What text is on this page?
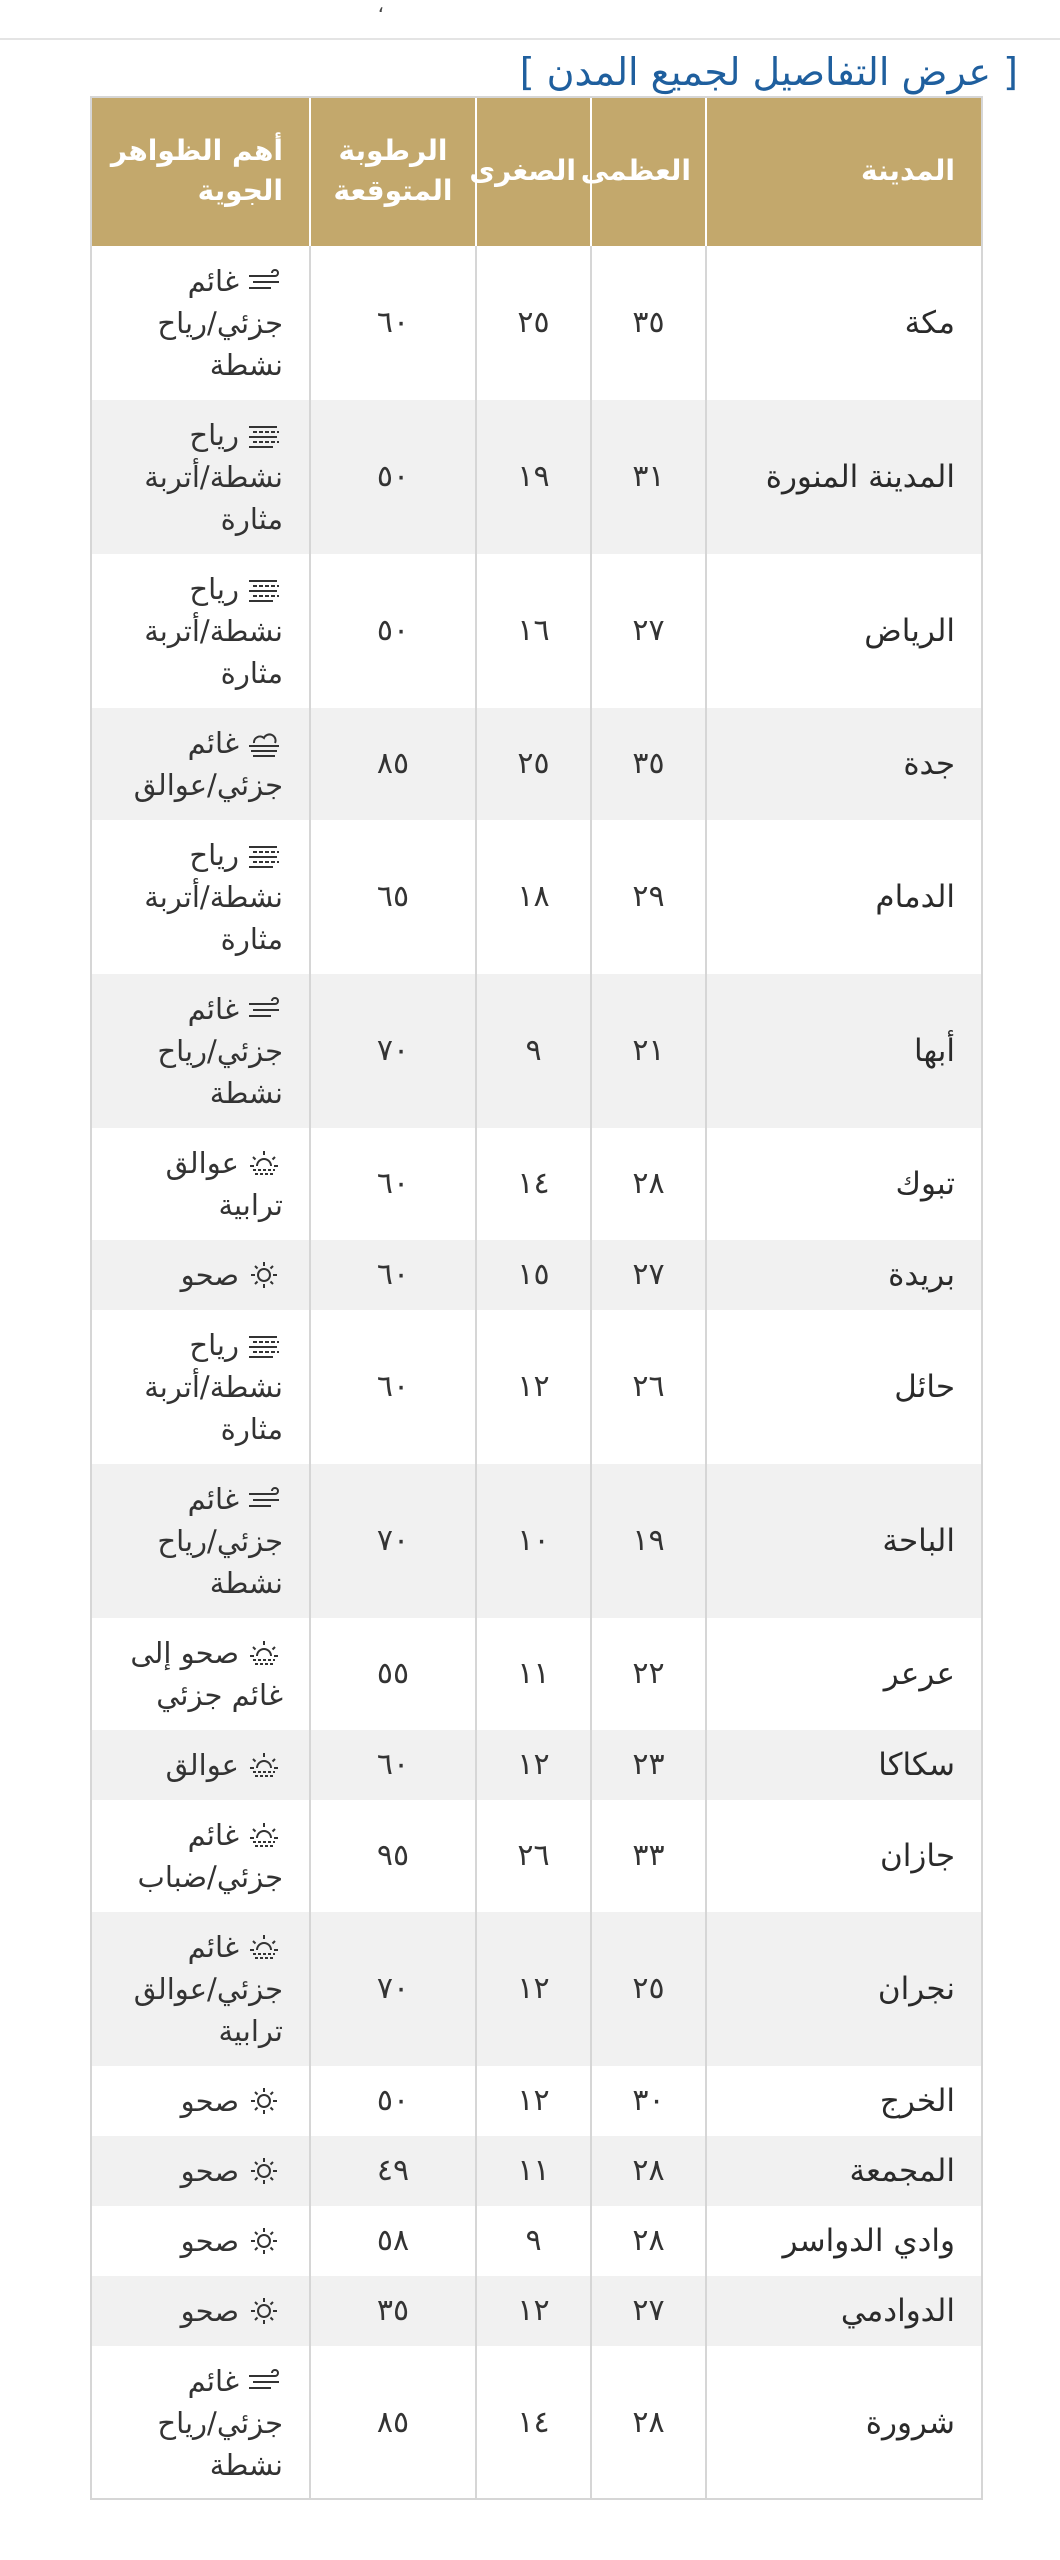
،
[ عرض التفاصيل لجميع المدن ]
المدينة	العظمى	الصغرى	الرطوبة المتوقعة	أهم الظواهر الجوية
مكة	٣٥	٢٥	٦٠	غائم جزئي/رياح نشطة
المدينة المنورة	٣١	١٩	٥٠	رياح نشطة/أتربة مثارة
الرياض	٢٧	١٦	٥٠	رياح نشطة/أتربة مثارة
جدة	٣٥	٢٥	٨٥	غائم جزئي/عوالق
الدمام	٢٩	١٨	٦٥	رياح نشطة/أتربة مثارة
أبها	٢١	٩	٧٠	غائم جزئي/رياح نشطة
تبوك	٢٨	١٤	٦٠	عوالق ترابية
بريدة	٢٧	١٥	٦٠	صحو
حائل	٢٦	١٢	٦٠	رياح نشطة/أتربة مثارة
الباحة	١٩	١٠	٧٠	غائم جزئي/رياح نشطة
عرعر	٢٢	١١	٥٥	صحو إلى غائم جزئي
سكاكا	٢٣	١٢	٦٠	عوالق
جازان	٣٣	٢٦	٩٥	غائم جزئي/ضباب
نجران	٢٥	١٢	٧٠	غائم جزئي/عوالق ترابية
الخرج	٣٠	١٢	٥٠	صحو
المجمعة	٢٨	١١	٤٩	صحو
وادي الدواسر	٢٨	٩	٥٨	صحو
الدوادمي	٢٧	١٢	٣٥	صحو
شرورة	٢٨	١٤	٨٥	غائم جزئي/رياح نشطة
